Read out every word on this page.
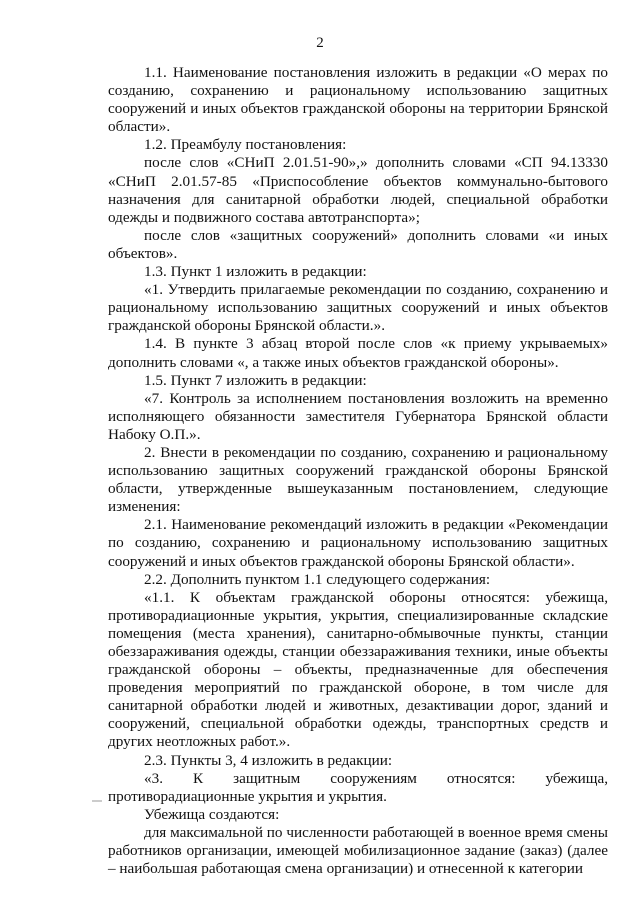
2

1.1. Наименование постановления изложить в редакции «О мерах по созданию, сохранению и рациональному использованию защитных сооружений и иных объектов гражданской обороны на территории Брянской области».

1.2. Преамбулу постановления:

после слов «СНиП 2.01.51-90»,» дополнить словами «СП 94.13330 «СНиП 2.01.57-85 «Приспособление объектов коммунально-бытового назначения для санитарной обработки людей, специальной обработки одежды и подвижного состава автотранспорта»;

после слов «защитных сооружений» дополнить словами «и иных объектов».

1.3. Пункт 1 изложить в редакции:

«1. Утвердить прилагаемые рекомендации по созданию, сохранению и рациональному использованию защитных сооружений и иных объектов гражданской обороны Брянской области.».

1.4. В пункте 3 абзац второй после слов «к приему укрываемых» дополнить словами «, а также иных объектов гражданской обороны».

1.5. Пункт 7 изложить в редакции:

«7. Контроль за исполнением постановления возложить на временно исполняющего обязанности заместителя Губернатора Брянской области Набоку О.П.».

2. Внести в рекомендации по созданию, сохранению и рациональному использованию защитных сооружений гражданской обороны Брянской области, утвержденные вышеуказанным постановлением, следующие изменения:

2.1. Наименование рекомендаций изложить в редакции «Рекомендации по созданию, сохранению и рациональному использованию защитных сооружений и иных объектов гражданской обороны Брянской области».

2.2. Дополнить пунктом 1.1 следующего содержания:

«1.1. К объектам гражданской обороны относятся: убежища, противорадиационные укрытия, укрытия, специализированные складские помещения (места хранения), санитарно-обмывочные пункты, станции обеззараживания одежды, станции обеззараживания техники, иные объекты гражданской обороны – объекты, предназначенные для обеспечения проведения мероприятий по гражданской обороне, в том числе для санитарной обработки людей и животных, дезактивации дорог, зданий и сооружений, специальной обработки одежды, транспортных средств и других неотложных работ.».

2.3. Пункты 3, 4 изложить в редакции:

«3. К защитным сооружениям относятся: убежища, противорадиационные укрытия и укрытия.

Убежища создаются:

для максимальной по численности работающей в военное время смены работников организации, имеющей мобилизационное задание (заказ) (далее – наибольшая работающая смена организации) и отнесенной к категории
